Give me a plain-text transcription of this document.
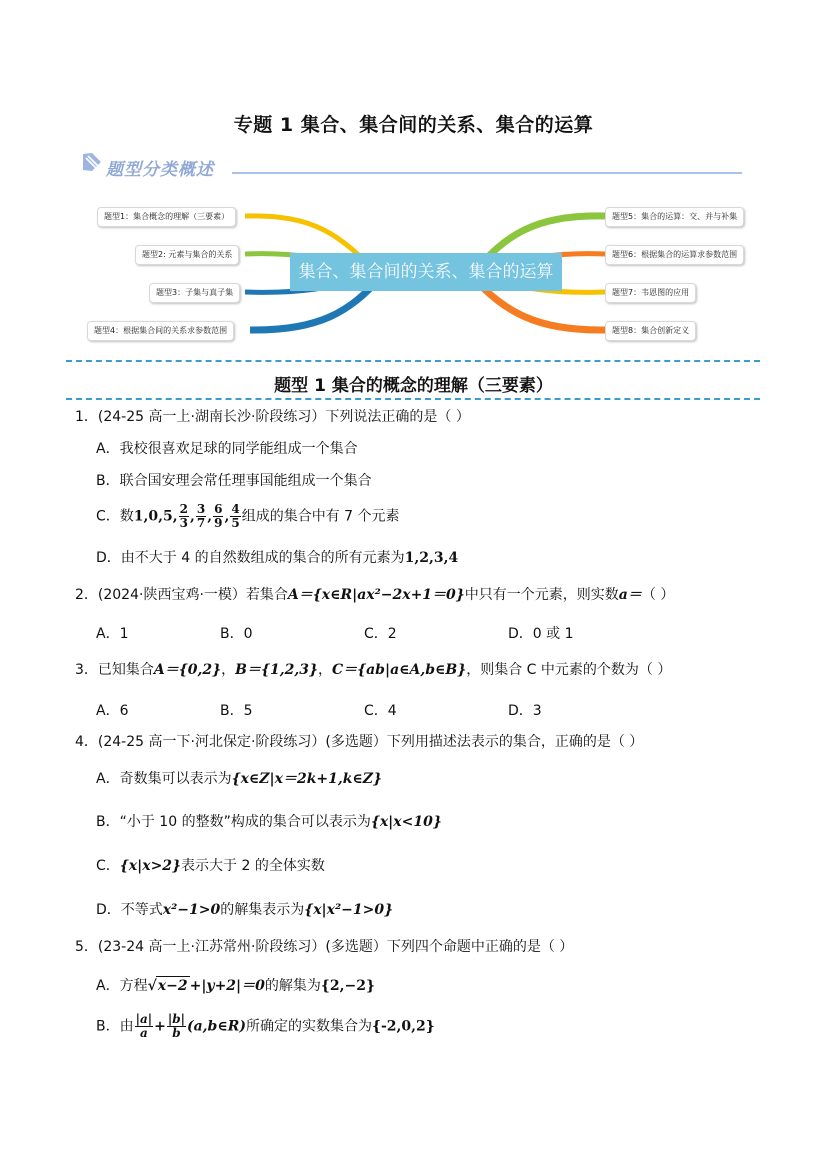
专题 1 集合、集合间的关系、集合的运算
题型分类概述
集合、集合间的关系、集合的运算
题型1：集合概念的理解（三要素）
题型2: 元素与集合的关系
题型3：子集与真子集
题型4：根据集合间的关系求参数范围
题型5：集合的运算：交、并与补集
题型6：根据集合的运算求参数范围
题型7：韦恩图的应用
题型8：集合创新定义
题型 1 集合的概念的理解（三要素）
1．(24-25 高一上·湖南长沙·阶段练习）下列说法正确的是（ ）
A．我校很喜欢足球的同学能组成一个集合
B．联合国安理会常任理事国能组成一个集合
C．数1,0,5, $\frac{2}{3}$ , $\frac{3}{7}$ , $\frac{6}{9}$ , $\frac{4}{5}$ 组成的集合中有 7 个元素
D．由不大于 4 的自然数组成的集合的所有元素为1,2,3,4
2．(2024·陕西宝鸡·一模）若集合A＝{x∈R|ax²−2x+1＝0}中只有一个元素，则实数a＝（ ）
A．1	B．0	C．2	D．0 或 1
3．已知集合A＝{0,2}，B＝{1,2,3}，C＝{ab|a∈A,b∈B}，则集合 C 中元素的个数为（ ）
A．6	B．5	C．4	D．3
4．(24-25 高一下·河北保定·阶段练习）(多选题）下列用描述法表示的集合，正确的是（ ）
A．奇数集可以表示为{x∈Z|x＝2k+1,k∈Z}
B．“小于 10 的整数”构成的集合可以表示为{x|x<10}
C．{x|x>2}表示大于 2 的全体实数
D．不等式x²−1>0的解集表示为{x|x²−1>0}
5．(23-24 高一上·江苏常州·阶段练习）(多选题）下列四个命题中正确的是（ ）
A．方程√x−2 +|y+2|＝0的解集为{2,−2}
B．由 $\frac{|a|}{a} + \frac{|b|}{b}$ (a,b∈R)所确定的实数集合为{-2,0,2}
